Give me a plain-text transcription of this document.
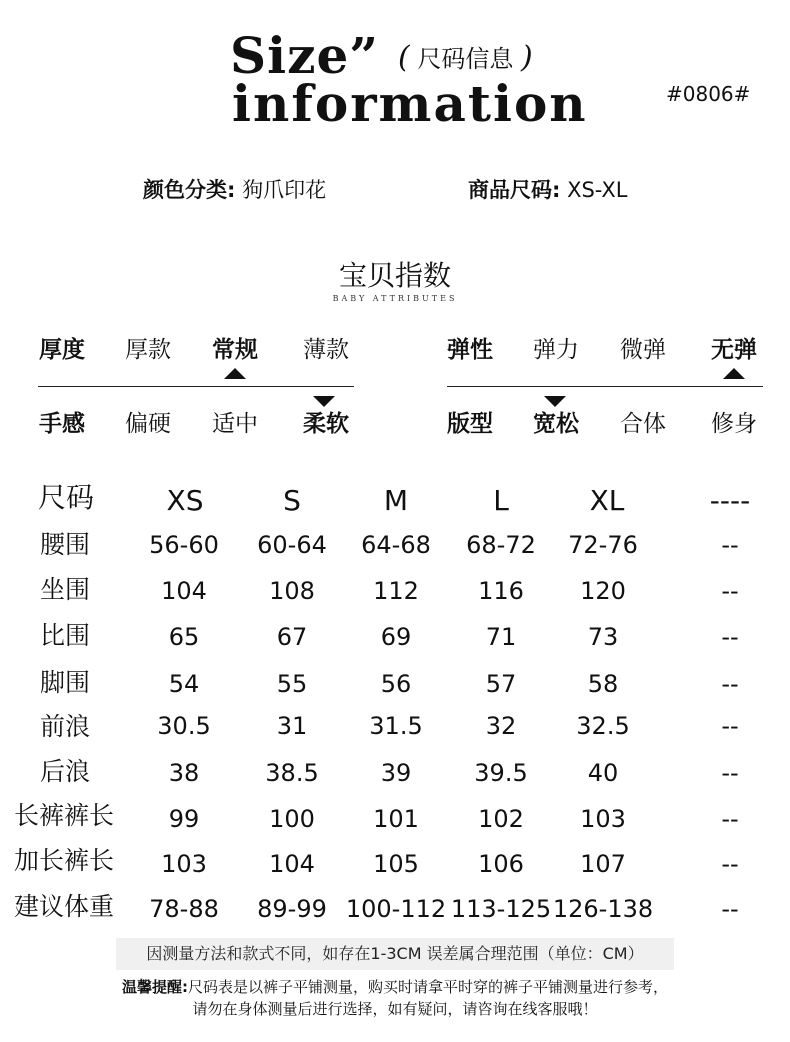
Size”
information
( 尺码信息 )
#0806#
颜色分类: 狗爪印花	商品尺码: XS-XL
宝贝指数
BABY ATTRIBUTES
厚度	厚款	常规	薄款	弹性	弹力	微弹	无弹
手感	偏硬	适中	柔软	版型	宽松	合体	修身
尺码	XS	S	M	L	XL	----
腰围	56-60	60-64	64-68	68-72	72-76	--
坐围	104	108	112	116	120	--
比围	65	67	69	71	73	--
脚围	54	55	56	57	58	--
前浪	30.5	31	31.5	32	32.5	--
后浪	38	38.5	39	39.5	40	--
长裤裤长	99	100	101	102	103	--
加长裤长	103	104	105	106	107	--
建议体重	78-88	89-99 100-112 113-125 126-138	--
因测量方法和款式不同，如存在1-3CM 误差属合理范围（单位：CM）
温馨提醒:尺码表是以裤子平铺测量，购买时请拿平时穿的裤子平铺测量进行参考，
请勿在身体测量后进行选择，如有疑问，请咨询在线客服哦！
